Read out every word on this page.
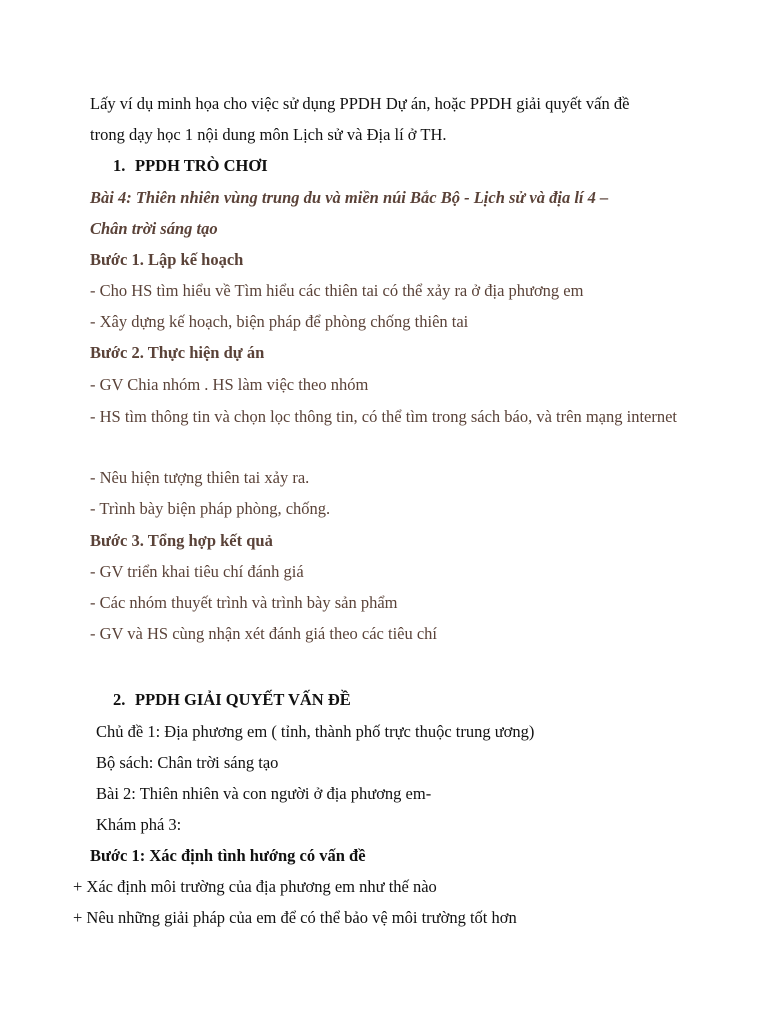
Lấy ví dụ minh họa cho việc sử dụng PPDH Dự án, hoặc PPDH giải quyết vấn đề
trong dạy học 1 nội dung môn Lịch sử và Địa lí ở TH.
1. PPDH TRÒ CHƠI
Bài 4: Thiên nhiên vùng trung du và miền núi Bắc Bộ - Lịch sử và địa lí 4 –
Chân trời sáng tạo
Bước 1. Lập kế hoạch
- Cho HS tìm hiểu về Tìm hiểu các thiên tai có thể xảy ra ở địa phương em
- Xây dựng kế hoạch, biện pháp để phòng chống thiên tai
Bước 2. Thực hiện dự án
- GV Chia nhóm . HS làm việc theo nhóm
- HS tìm thông tin và chọn lọc thông tin, có thể tìm trong sách báo, và trên mạng internet
- Nêu hiện tượng thiên tai xảy ra.
- Trình bày biện pháp phòng, chống.
Bước 3. Tổng hợp kết quả
- GV triển khai tiêu chí đánh giá
- Các nhóm thuyết trình và trình bày sản phẩm
- GV và HS cùng nhận xét đánh giá theo các tiêu chí
2. PPDH GIẢI QUYẾT VẤN ĐỀ
Chủ đề 1: Địa phương em ( tỉnh, thành phố trực thuộc trung ương)
Bộ sách: Chân trời sáng tạo
Bài 2: Thiên nhiên và con người ở địa phương em-
Khám phá 3:
Bước 1: Xác định tình hướng có vấn đề
+ Xác định môi trường của địa phương em như thế nào
+ Nêu những giải pháp của em để có thể bảo vệ môi trường tốt hơn
